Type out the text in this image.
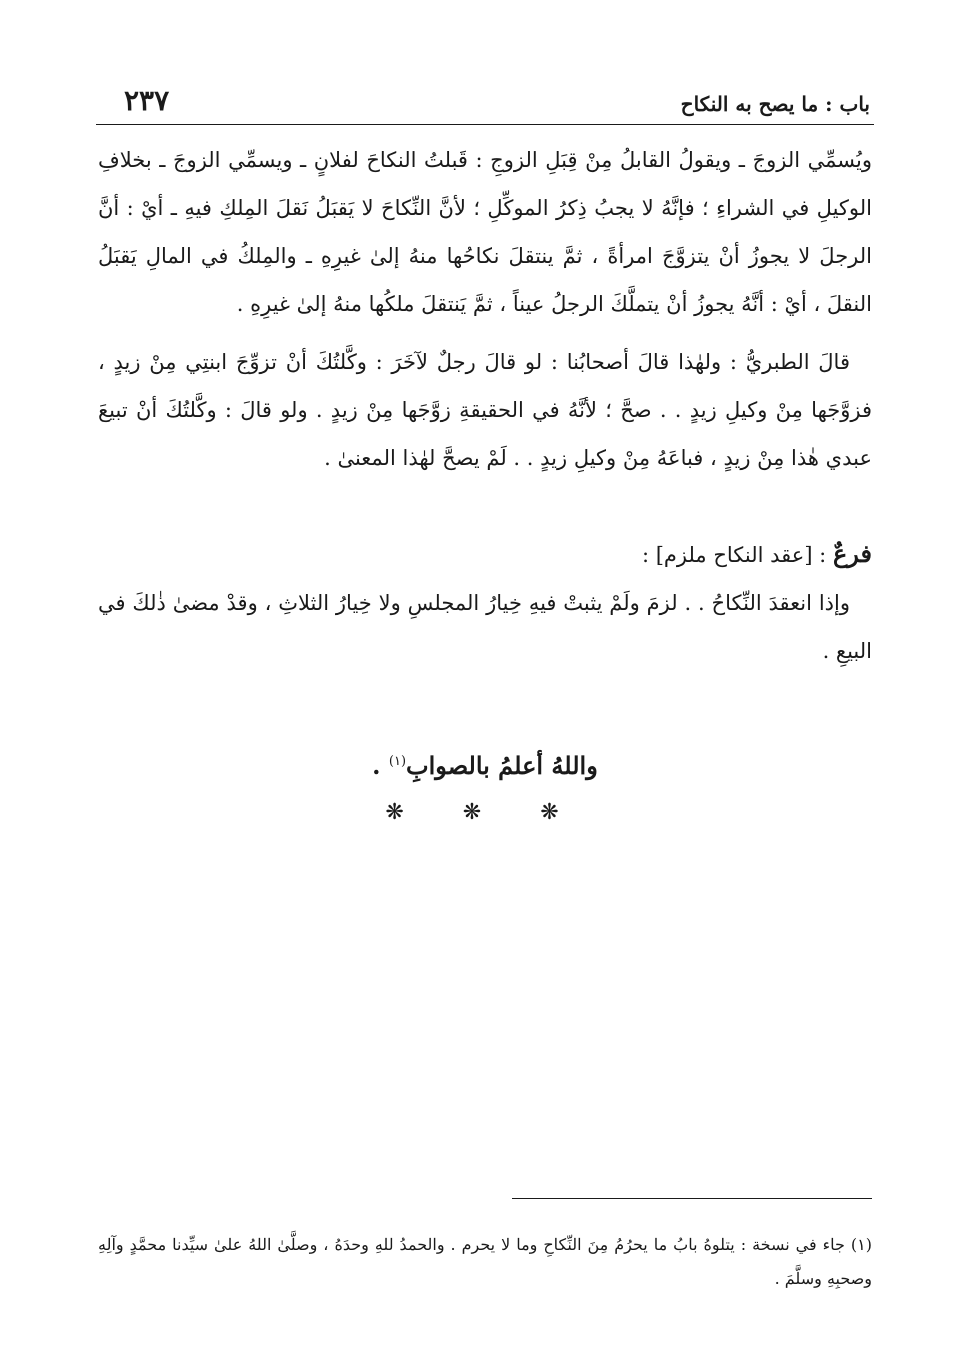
باب : ما يصح به النكاح
٢٣٧

ويُسمِّي الزوجَ ـ ويقولُ القابلُ مِنْ قِبَلِ الزوجِ : قَبلتُ النكاحَ لفلانٍ ـ ويسمِّي الزوجَ ـ بخلافِ الوكيلِ في الشراءِ ؛ فإنَّهُ لا يجبُ ذِكرُ الموكِّلِ ؛ لأنَّ النِّكاحَ لا يَقبَلُ نَقلَ المِلكِ فيهِ ـ أيْ : أنَّ الرجلَ لا يجوزُ أنْ يتزوَّجَ امرأةً ، ثمَّ ينتقلَ نكاحُها منهُ إلىٰ غيرِهِ ـ والمِلكُ في المالِ يَقبَلُ النقلَ ، أيْ : أنَّهُ يجوزُ أنْ يتملَّكَ الرجلُ عيناً ، ثمَّ يَنتقلَ ملكُها منهُ إلىٰ غيرِهِ .

قالَ الطبريُّ : ولهٰذا قالَ أصحابُنا : لو قالَ رجلٌ لآخَرَ : وكَّلتُكَ أنْ تزوِّجَ ابنتِي مِنْ زيدٍ ، فزوَّجَها مِنْ وكيلِ زيدٍ . . صحَّ ؛ لأنَّهُ في الحقيقةِ زوَّجَها مِنْ زيدٍ . ولو قالَ : وكَّلتُكَ أنْ تبيعَ عبدي هٰذا مِنْ زيدٍ ، فباعَهُ مِنْ وكيلِ زيدٍ . . لَمْ يصحَّ لهٰذا المعنىٰ .

فرعٌ : [عقد النكاح ملزم] :

وإذا انعقدَ النِّكاحُ . . لزمَ ولَمْ يثبتْ فيهِ خِيارُ المجلسِ ولا خِيارُ الثلاثِ ، وقدْ مضىٰ ذٰلكَ في البيعِ .

واللهُ أعلمُ بالصوابِ$^{(١)}$ .
❋ ❋ ❋
(١) جاء في نسخة : يتلوهُ بابُ ما يحرُمُ مِنَ النِّكاحِ وما لا يحرم . والحمدُ للهِ وحدَهُ ، وصلَّىٰ اللهُ علىٰ سيِّدنا محمَّدٍ وآلِهِ وصحبِهِ وسلَّمَ .
